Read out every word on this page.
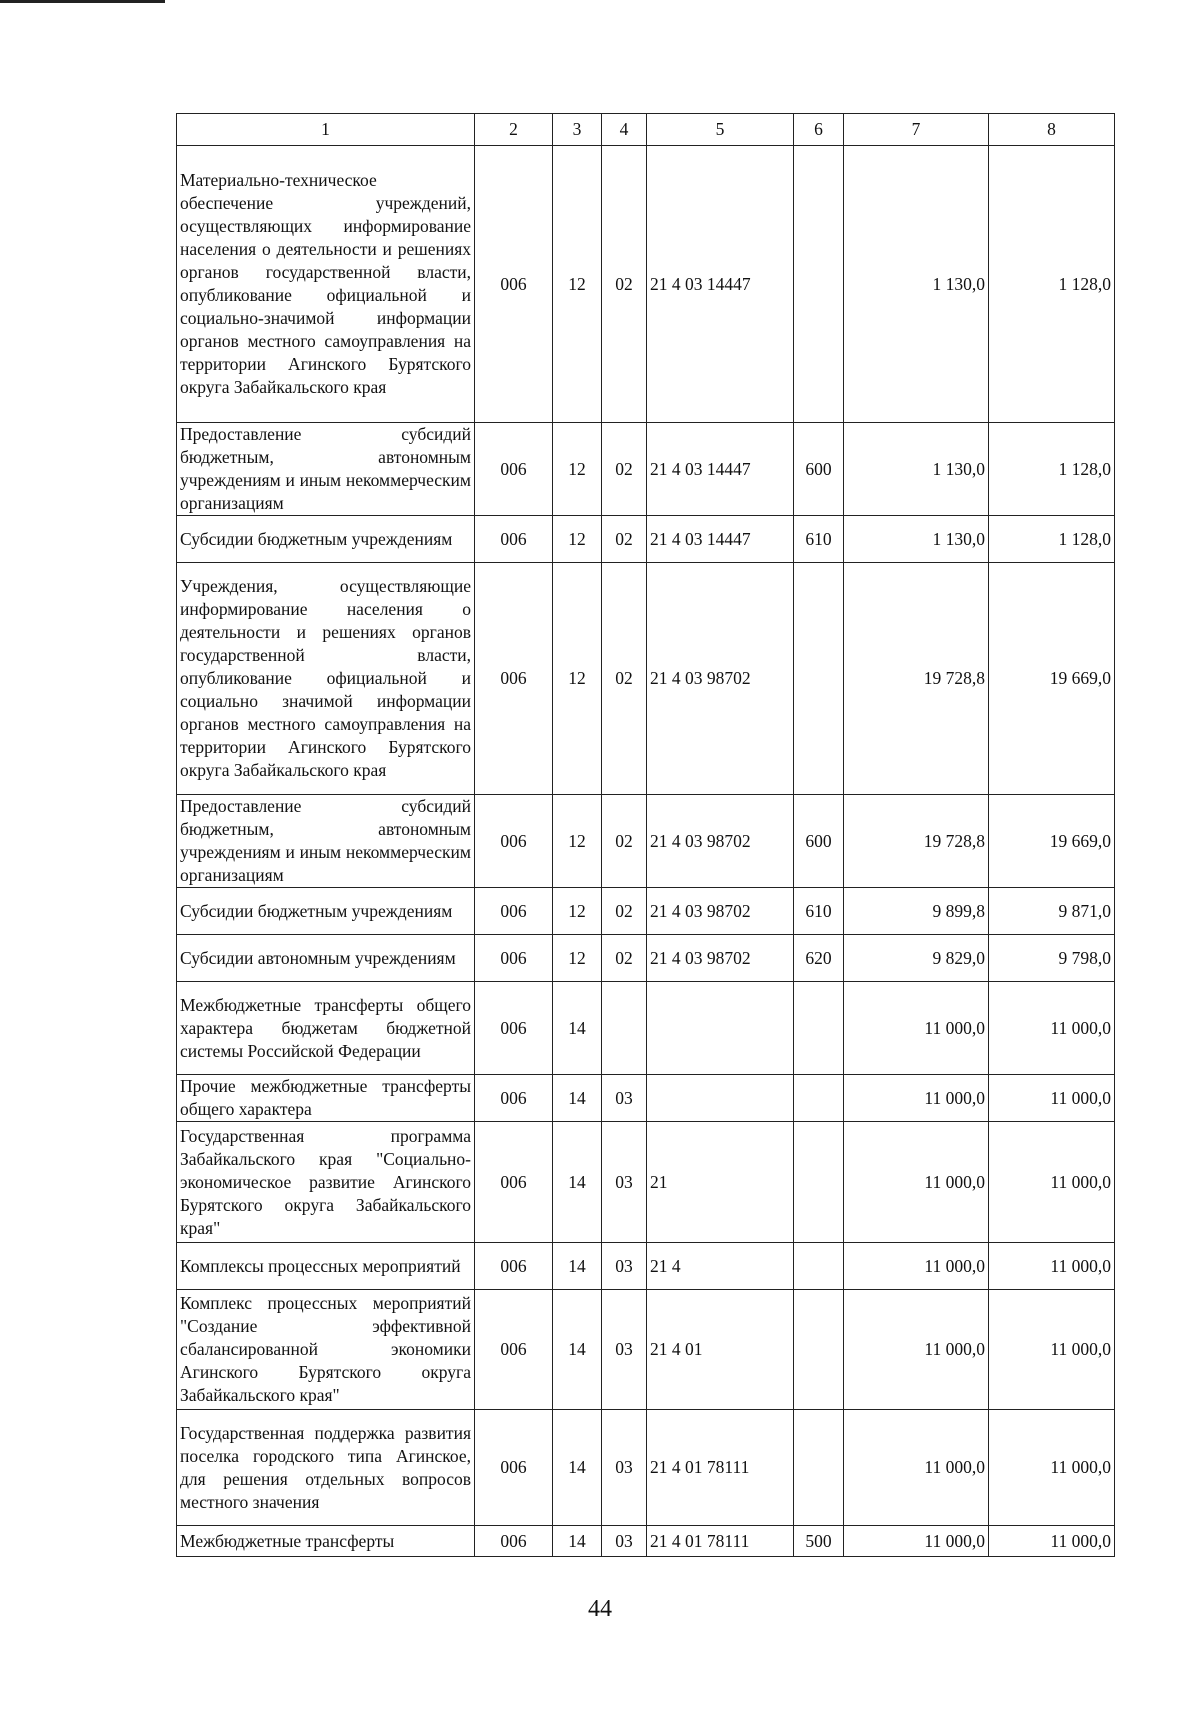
1	2	3	4	5	6	7	8
Материально-техническое обеспечение учреждений, осуществляющих информирование населения о деятельности и решениях органов государственной власти, опубликование официальной и социально-значимой информации органов местного самоуправления на территории Агинского Бурятского округа Забайкальского края	006	12	02	21 4 03 14447		1 130,0	1 128,0
Предоставление субсидий бюджетным, автономным учреждениям и иным некоммерческим организациям	006	12	02	21 4 03 14447	600	1 130,0	1 128,0
Субсидии бюджетным учреждениям	006	12	02	21 4 03 14447	610	1 130,0	1 128,0
Учреждения, осуществляющие информирование населения о деятельности и решениях органов государственной власти, опубликование официальной и социально значимой информации органов местного самоуправления на территории Агинского Бурятского округа Забайкальского края	006	12	02	21 4 03 98702		19 728,8	19 669,0
Предоставление субсидий бюджетным, автономным учреждениям и иным некоммерческим организациям	006	12	02	21 4 03 98702	600	19 728,8	19 669,0
Субсидии бюджетным учреждениям	006	12	02	21 4 03 98702	610	9 899,8	9 871,0
Субсидии автономным учреждениям	006	12	02	21 4 03 98702	620	9 829,0	9 798,0
Межбюджетные трансферты общего характера бюджетам бюджетной системы Российской Федерации	006	14				11 000,0	11 000,0
Прочие межбюджетные трансферты общего характера	006	14	03			11 000,0	11 000,0
Государственная программа Забайкальского края "Социально-экономическое развитие Агинского Бурятского округа Забайкальского края"	006	14	03	21		11 000,0	11 000,0
Комплексы процессных мероприятий	006	14	03	21 4		11 000,0	11 000,0
Комплекс процессных мероприятий "Создание эффективной сбалансированной экономики Агинского Бурятского округа Забайкальского края"	006	14	03	21 4 01		11 000,0	11 000,0
Государственная поддержка развития поселка городского типа Агинское, для решения отдельных вопросов местного значения	006	14	03	21 4 01 78111		11 000,0	11 000,0
Межбюджетные трансферты	006	14	03	21 4 01 78111	500	11 000,0	11 000,0
44
